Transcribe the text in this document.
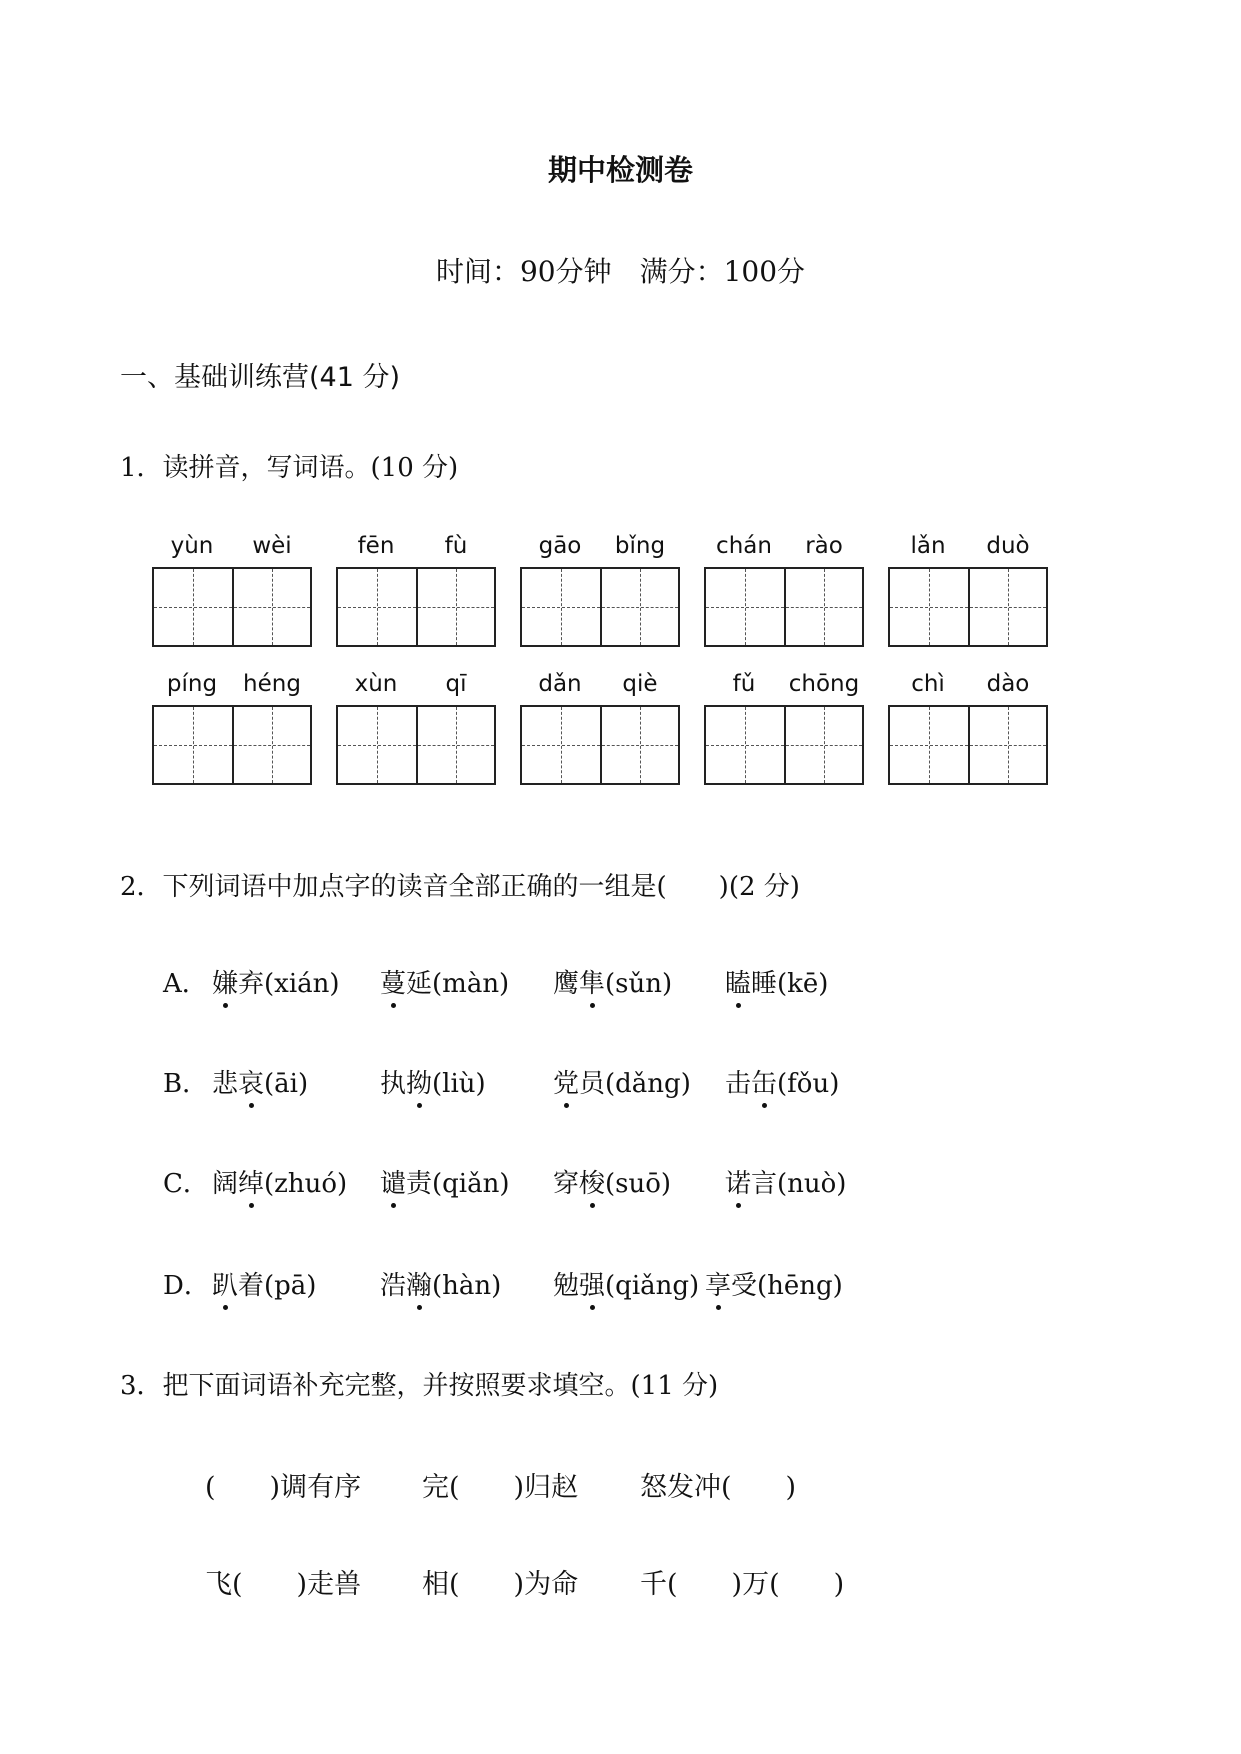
期中检测卷
时间：90分钟　满分：100分
一、基础训练营(41 分)
1．读拼音，写词语。(10 分)
yùn	wèi	fēn	fù	gāo	bǐng	chán	rào	lǎn	duò
píng	héng	xùn	qī	dǎn	qiè	fǔ	chōng	chì	dào
2．下列词语中加点字的读音全部正确的一组是(　　)(2 分)
A． 嫌弃(xián) 蔓延(màn) 鹰隼(sǔn) 瞌睡(kē)
B． 悲哀(āi)	执拗(liù)	党员(dǎng) 击缶(fǒu)
C． 阔绰(zhuó) 谴责(qiǎn) 穿梭(suō) 诺言(nuò)
D． 趴着(pā) 浩瀚(hàn) 勉强(qiǎng) 享受(hēng)
3．把下面词语补充完整，并按照要求填空。(11 分)
(　　)调有序 完(　　)归赵 怒发冲(　　)
飞(　　)走兽 相(　　)为命 千(　　)万(　　)
